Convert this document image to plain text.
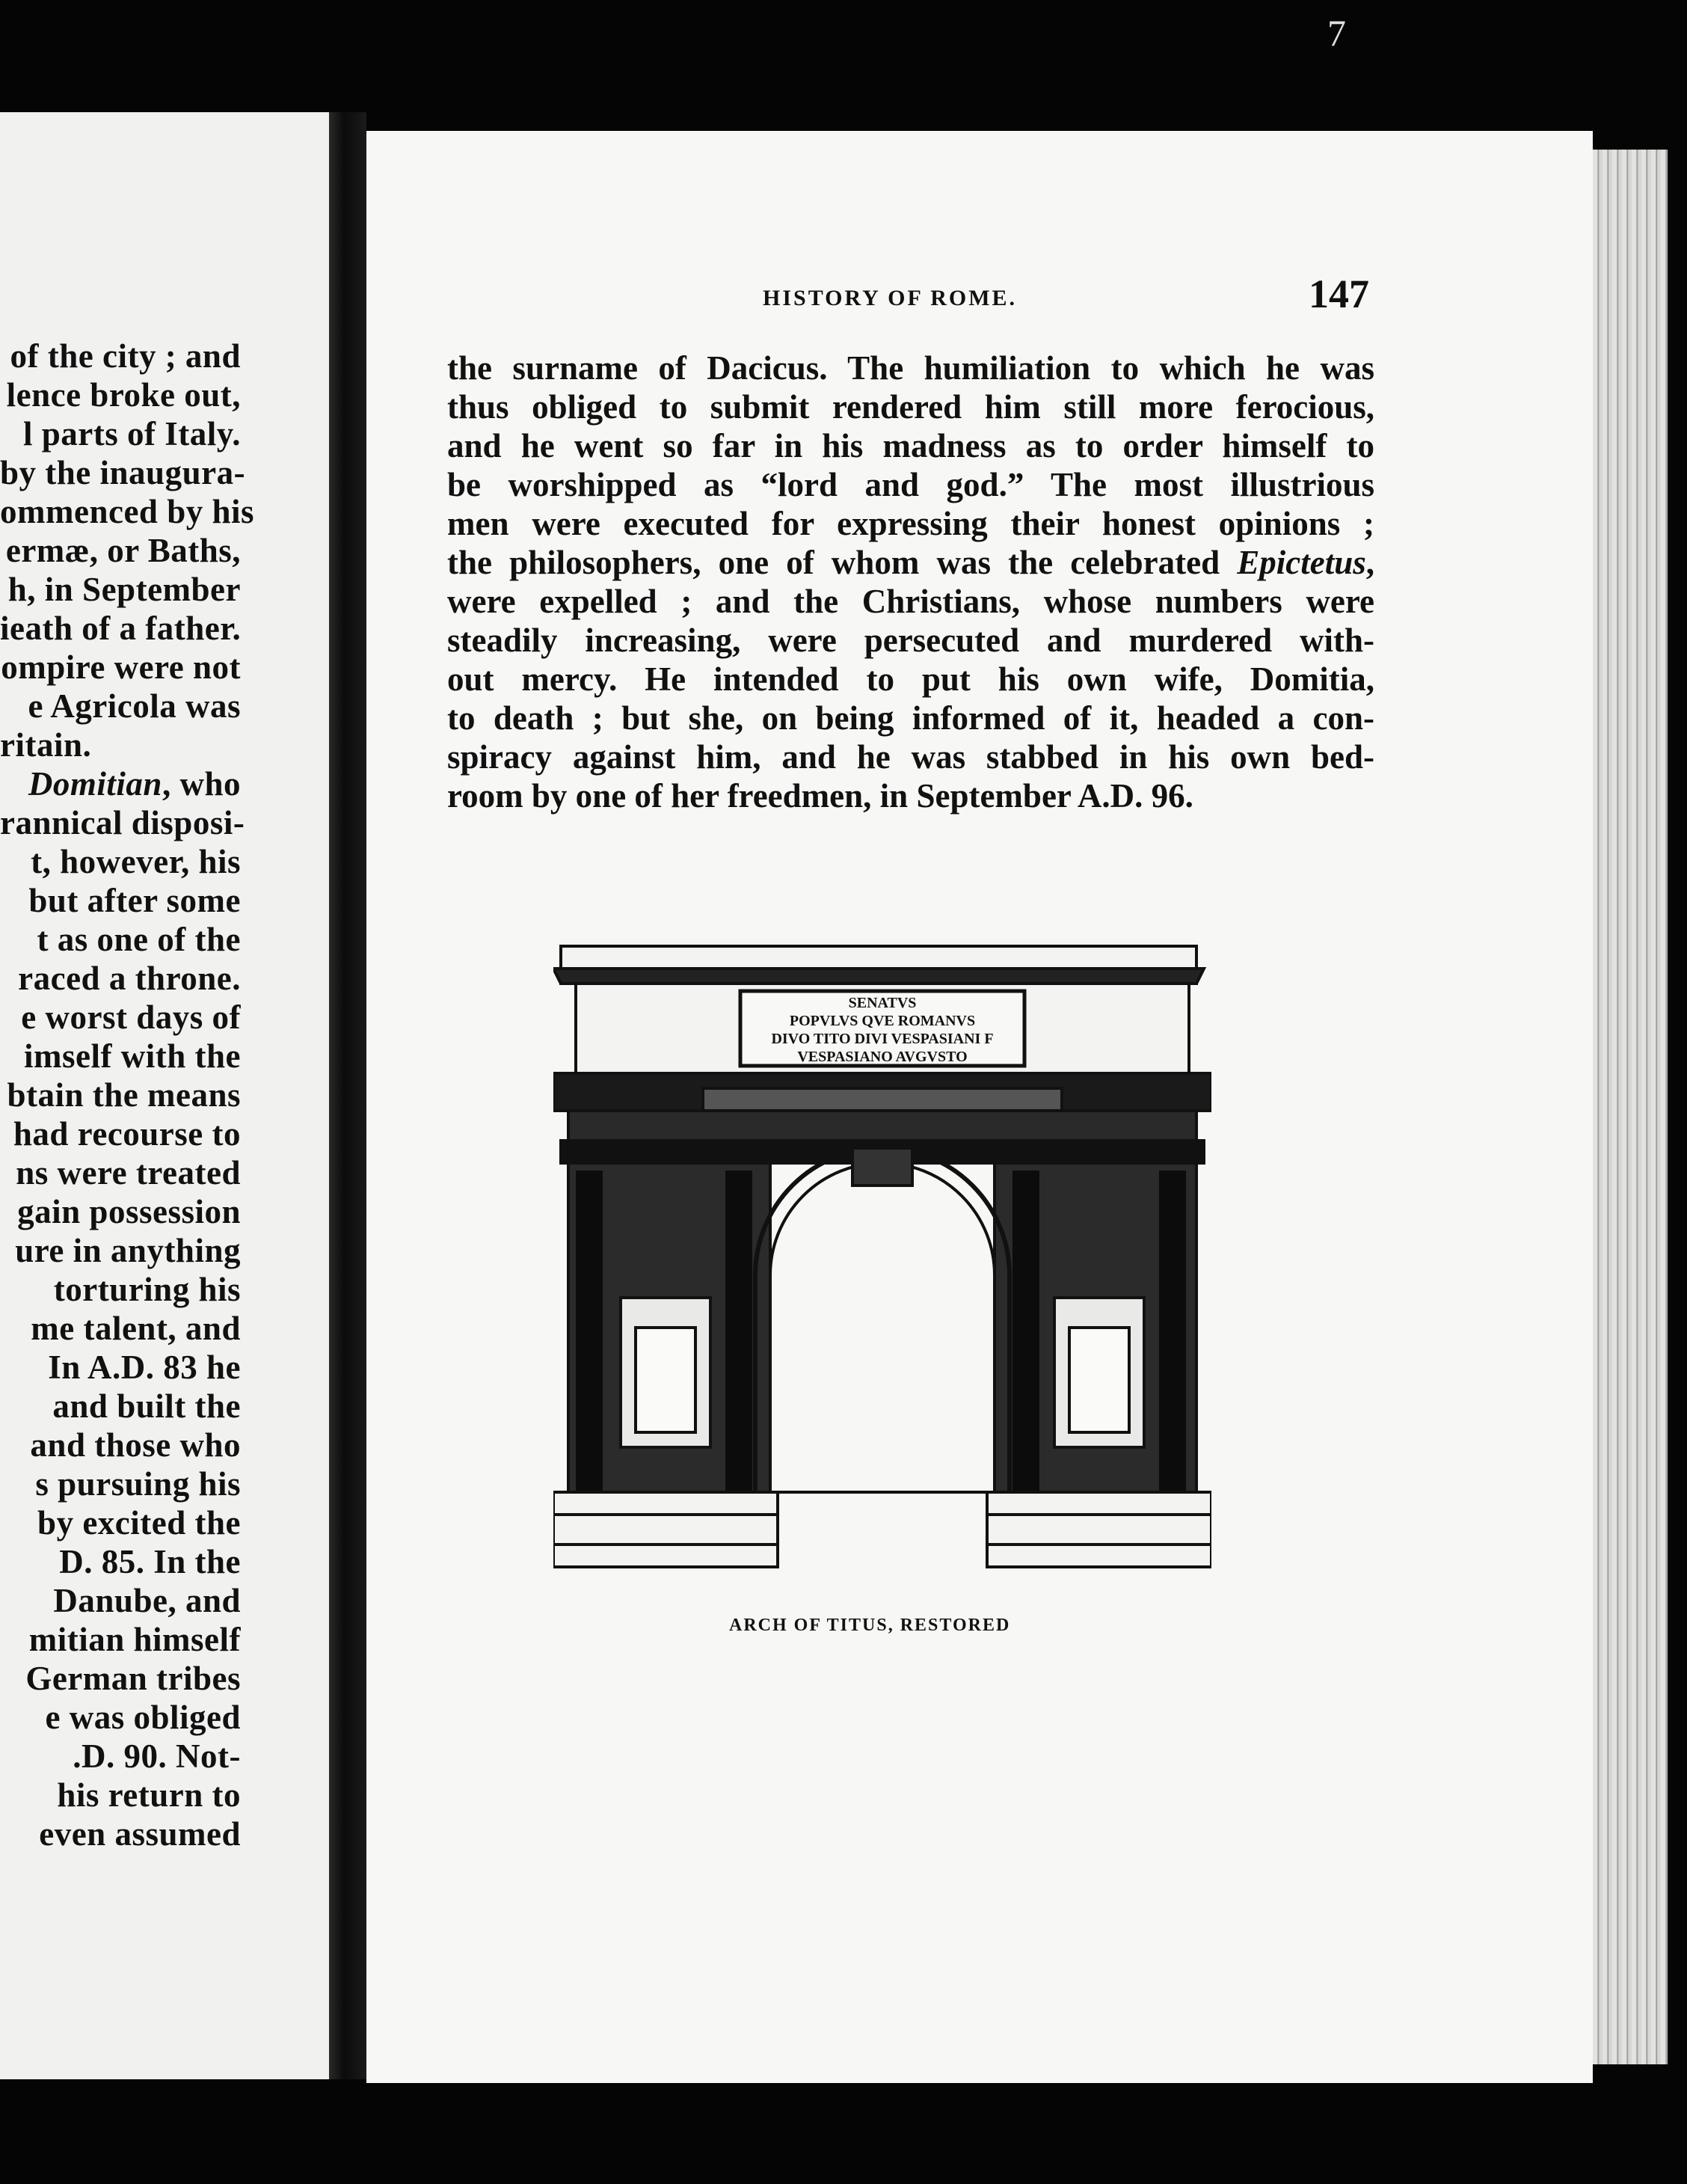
7
of the city ; and
lence broke out,
l parts of Italy.
by the inaugura-
ommenced by his
ermæ, or Baths,
h, in September
ieath of a father.
ompire were not
e Agricola was
ritain.
Domitian, who
rannical disposi-
t, however, his
but after some
t as one of the
raced a throne.
e worst days of
imself with the
btain the means
had recourse to
ns were treated
gain possession
ure in anything
torturing his
me talent, and
In A.D. 83 he
and built the
and those who
s pursuing his
by excited the
D. 85. In the
Danube, and
mitian himself
German tribes
e was obliged
.D. 90. Not-
his return to
even assumed
HISTORY OF ROME.	147
the surname of Dacicus. The humiliation to which he was
thus obliged to submit rendered him still more ferocious,
and he went so far in his madness as to order himself to
be worshipped as “lord and god.” The most illustrious
men were executed for expressing their honest opinions ;
the philosophers, one of whom was the celebrated Epictetus,
were expelled ; and the Christians, whose numbers were
steadily increasing, were persecuted and murdered with-
out mercy. He intended to put his own wife, Domitia,
to death ; but she, on being informed of it, headed a con-
spiracy against him, and he was stabbed in his own bed-
room by one of her freedmen, in September A.D. 96.
SENATVS
POPVLVS QVE ROMANVS
DIVO TITO DIVI VESPASIANI F
VESPASIANO AVGVSTO
ARCH OF TITUS, RESTORED
